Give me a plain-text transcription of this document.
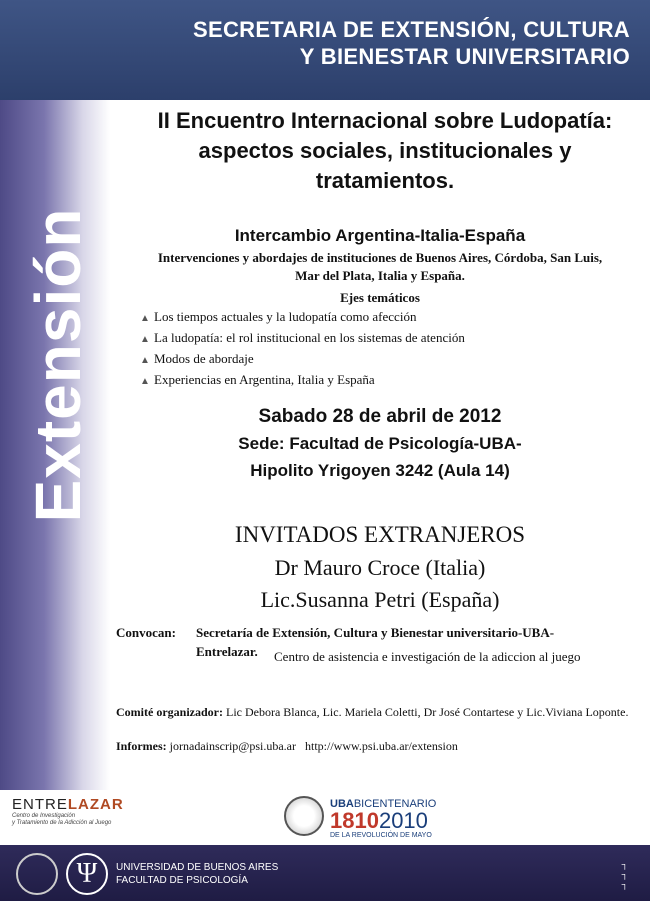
SECRETARIA DE EXTENSIÓN, CULTURA
Y BIENESTAR UNIVERSITARIO
Extensión
II Encuentro Internacional sobre Ludopatía:
aspectos sociales, institucionales y
tratamientos.
Intercambio Argentina-Italia-España
Intervenciones y abordajes de instituciones de Buenos Aires, Córdoba, San Luis,
Mar del Plata, Italia y España.
Ejes temáticos
▲ Los tiempos actuales y la ludopatía como afección
▲ La ludopatía: el rol institucional en los sistemas de atención
▲ Modos de abordaje
▲ Experiencias en Argentina, Italia y España
Sabado 28 de abril de 2012
Sede: Facultad de Psicología-UBA-
Hipolito Yrigoyen 3242 (Aula 14)
INVITADOS EXTRANJEROS
Dr Mauro Croce (Italia)
Lic.Susanna Petri (España)
Convocan: Secretaría de Extensión, Cultura y Bienestar universitario-UBA-
Entrelazar.	Centro de asistencia e investigación de la adiccion al juego
Comité organizador: Lic Debora Blanca, Lic. Mariela Coletti, Dr José Contartese y Lic.Viviana Loponte.
Informes: jornadainscrip@psi.uba.ar http://www.psi.uba.ar/extension
ENTRELAZAR
Centro de Investigación
y Tratamiento de la Adicción al Juego
UBABICENTENARIO
18102010
DE LA REVOLUCIÓN DE MAYO
Ψ	UNIVERSIDAD DE BUENOS AIRES
FACULTAD DE PSICOLOGÍA
┐
┐
┐
